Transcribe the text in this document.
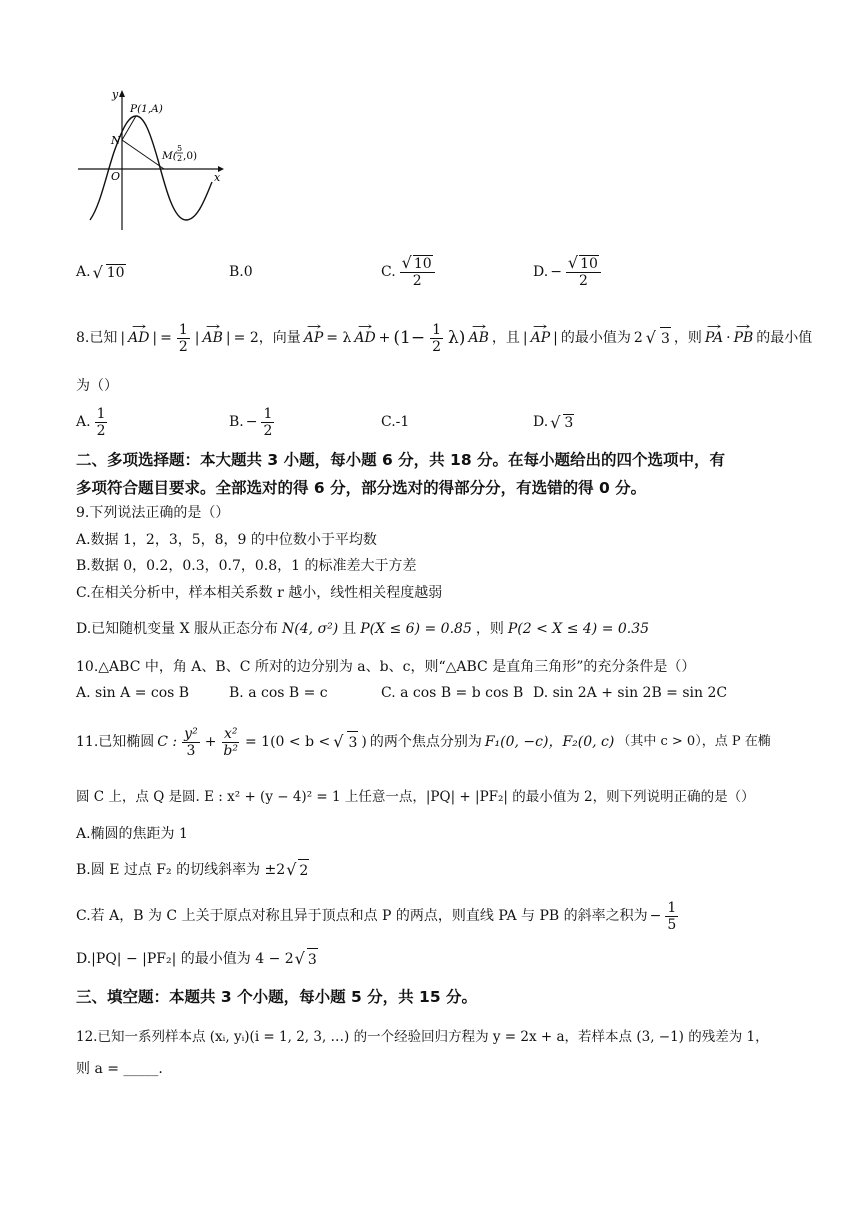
y
x
O
P(1,A)
N
M(
5
2 ,0)
A. √ 10	B.0	C. $\frac{√ 10}{2}$	D. − $\frac{√ 10}{2}$
8.已知 | → AD | = $\frac{1}{2}$ | → AB | = 2，向量 → AP = λ → AD + $(1- \frac{1}{2} \lambda)$ → AB ，且 | → AP | 的最小值为 2 √ 3 ，则 → PA · → PB 的最小值
为（）
A. $\frac{1}{2}$	B. − $\frac{1}{2}$	C.-1	D. √ 3
二、多项选择题：本大题共 3 小题，每小题 6 分，共 18 分。在每小题给出的四个选项中，有
多项符合题目要求。全部选对的得 6 分，部分选对的得部分分，有选错的得 0 分。
9.下列说法正确的是（）
A.数据 1，2，3，5，8，9 的中位数小于平均数
B.数据 0，0.2，0.3，0.7，0.8，1 的标准差大于方差
C.在相关分析中，样本相关系数 r 越小，线性相关程度越弱
D.已知随机变量 X 服从正态分布 N(4, σ²) 且 P(X ≤ 6) = 0.85 ，则 P(2 < X ≤ 4) = 0.35
10.△ABC 中，角 A、B、C 所对的边分别为 a、b、c，则“△ABC 是直角三角形”的充分条件是（）
A. sin A = cos B	B. a cos B = c	C. a cos B = b cos B D. sin 2A + sin 2B = sin 2C
11.已知椭圆 C : $\frac{\text{y²}}{3} + \frac{\text{x²}}{\text{b²}} = 1(0 < b$ < √ 3 ) 的两个焦点分别为 F₁(0, −c)，F₂(0, c) （其中 c > 0），点 P 在椭
圆 C 上，点 Q 是圆. E : x² + (y − 4)² = 1 上任意一点，|PQ| + |PF₂| 的最小值为 2，则下列说明正确的是（）
A.椭圆的焦距为 1
B.圆 E 过点 F₂ 的切线斜率为 ±2 √ 2
C.若 A，B 为 C 上关于原点对称且异于顶点和点 P 的两点，则直线 PA 与 PB 的斜率之积为 − $\frac{1}{5}$
D.|PQ| − |PF₂| 的最小值为 4 − 2 √ 3
三、填空题：本题共 3 个小题，每小题 5 分，共 15 分。
12.已知一系列样本点 (xᵢ, yᵢ)(i = 1, 2, 3, …) 的一个经验回归方程为 y = 2x + a，若样本点 (3, −1) 的残差为 1，
则 a = _____.
